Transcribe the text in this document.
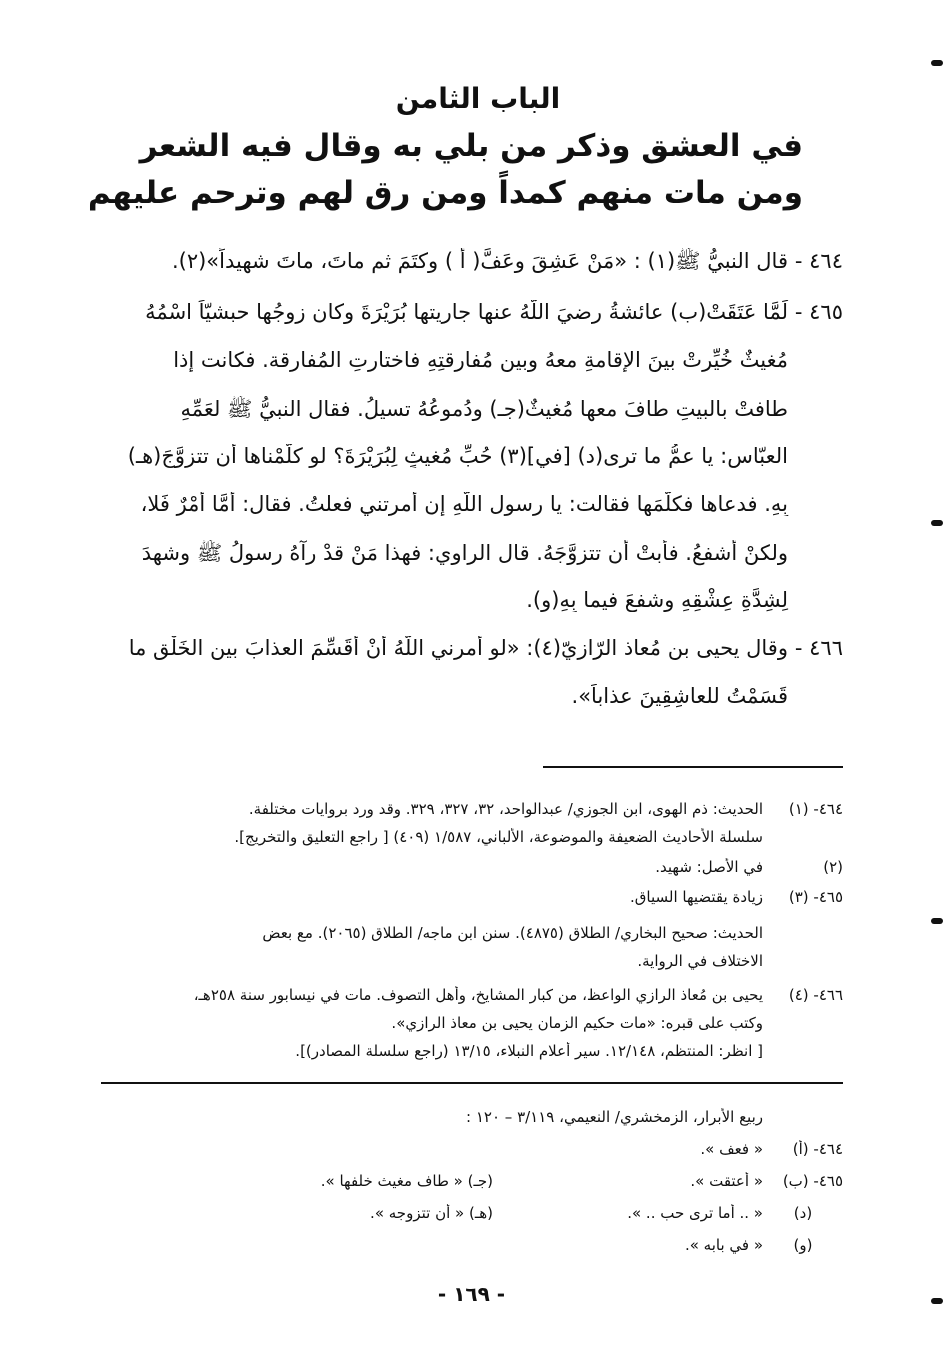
الباب الثامن
في العشق وذكر من بلي به وقال فيه الشعر
ومن مات منهم كمداً ومن رق لهم وترحم عليهم
٤٦٤ -قال النبيُّ ﷺ(١) : «مَنْ عَشِقَ وعَفَّ( أ ) وكتَمَ ثم ماتَ، ماتَ شهيداً»(٢).
٤٦٥ -لَمَّا عَتَقَتْ(ب) عائشةُ رضيَ اللَّهُ عنها جاريتها بُرَيْرَةَ وكان زوجُها حبشيّاً اسْمُهُ
مُغيثٌ خُيِّرتْ بينَ الإقامةِ معهُ وبين مُفارقتِهِ فاختارتِ المُفارقة. فكانت إذا
طافتْ بالبيتِ طافَ معها مُغيثٌ(جـ) ودُموعُهُ تسيلُ. فقال النبيُّ ﷺ لعَمِّهِ
العبّاس: يا عمُّ ما ترى(د) [في](٣) حُبِّ مُغيثٍ لِبُرَيْرَةَ؟ لو كلَّمْناها أن تتزوَّجَ(هـ)
بِهِ. فدعاها فكلَّمَها فقالت: يا رسول اللَّهِ إن أمرتني فعلتُ. فقال: أَمَّا أمْرٌ فَلا،
ولكنْ أشفعُ. فأبتْ أن تتزوَّجَهُ. قال الراوي: فهذا مَنْ قدْ رآهُ رسولُ ﷺ وشهدَ
لِشِدَّةِ عِشْقِهِ وشفعَ فيما بِهِ(و).
٤٦٦ -وقال يحيى بن مُعاذ الرّازيّ(٤): «لو أمرني اللَّهُ أَنْ أُقَسِّمَ العذابَ بين الخَلْقِ ما
قَسَمْتُ للعاشِقِينَ عذاباً».
٤٦٤- (١)الحديث: ذم الهوى، ابن الجوزي/ عبدالواحد، ٣٢، ٣٢٧، ٣٢٩. وقد ورد بروايات مختلفة.
سلسلة الأحاديث الضعيفة والموضوعة، الألباني، ١/٥٨٧ (٤٠٩) [ راجع التعليق والتخريج].
(٢)في الأصل: شهيد.
٤٦٥- (٣)زيادة يقتضيها السياق.
الحديث: صحيح البخاري/ الطلاق (٤٨٧٥). سنن ابن ماجه/ الطلاق (٢٠٦٥). مع بعض
الاختلاف في الرواية.
٤٦٦- (٤)يحيى بن مُعاذ الرازي الواعظ، من كبار المشايخ، وأهل التصوف. مات في نيسابور سنة ٢٥٨هـ،
وكتب على قبره: «مات حكيم الزمان يحيى بن معاذ الرازي».
[ انظر: المنتظم، ١٢/١٤٨. سير أعلام النبلاء، ١٣/١٥ (راجع سلسلة المصادر)].
ربيع الأبرار، الزمخشري/ النعيمي، ٣/١١٩ – ١٢٠ :
٤٦٤- (أ)« فعف ».
٤٦٥- (ب)« أعتقت ».
(جـ) « طاف مغيث خلفها ».
(د)« .. أما ترى حب .. ».
(هـ) « أن تتزوجه ».
(و)« في بابه ».
- ١٦٩ -
